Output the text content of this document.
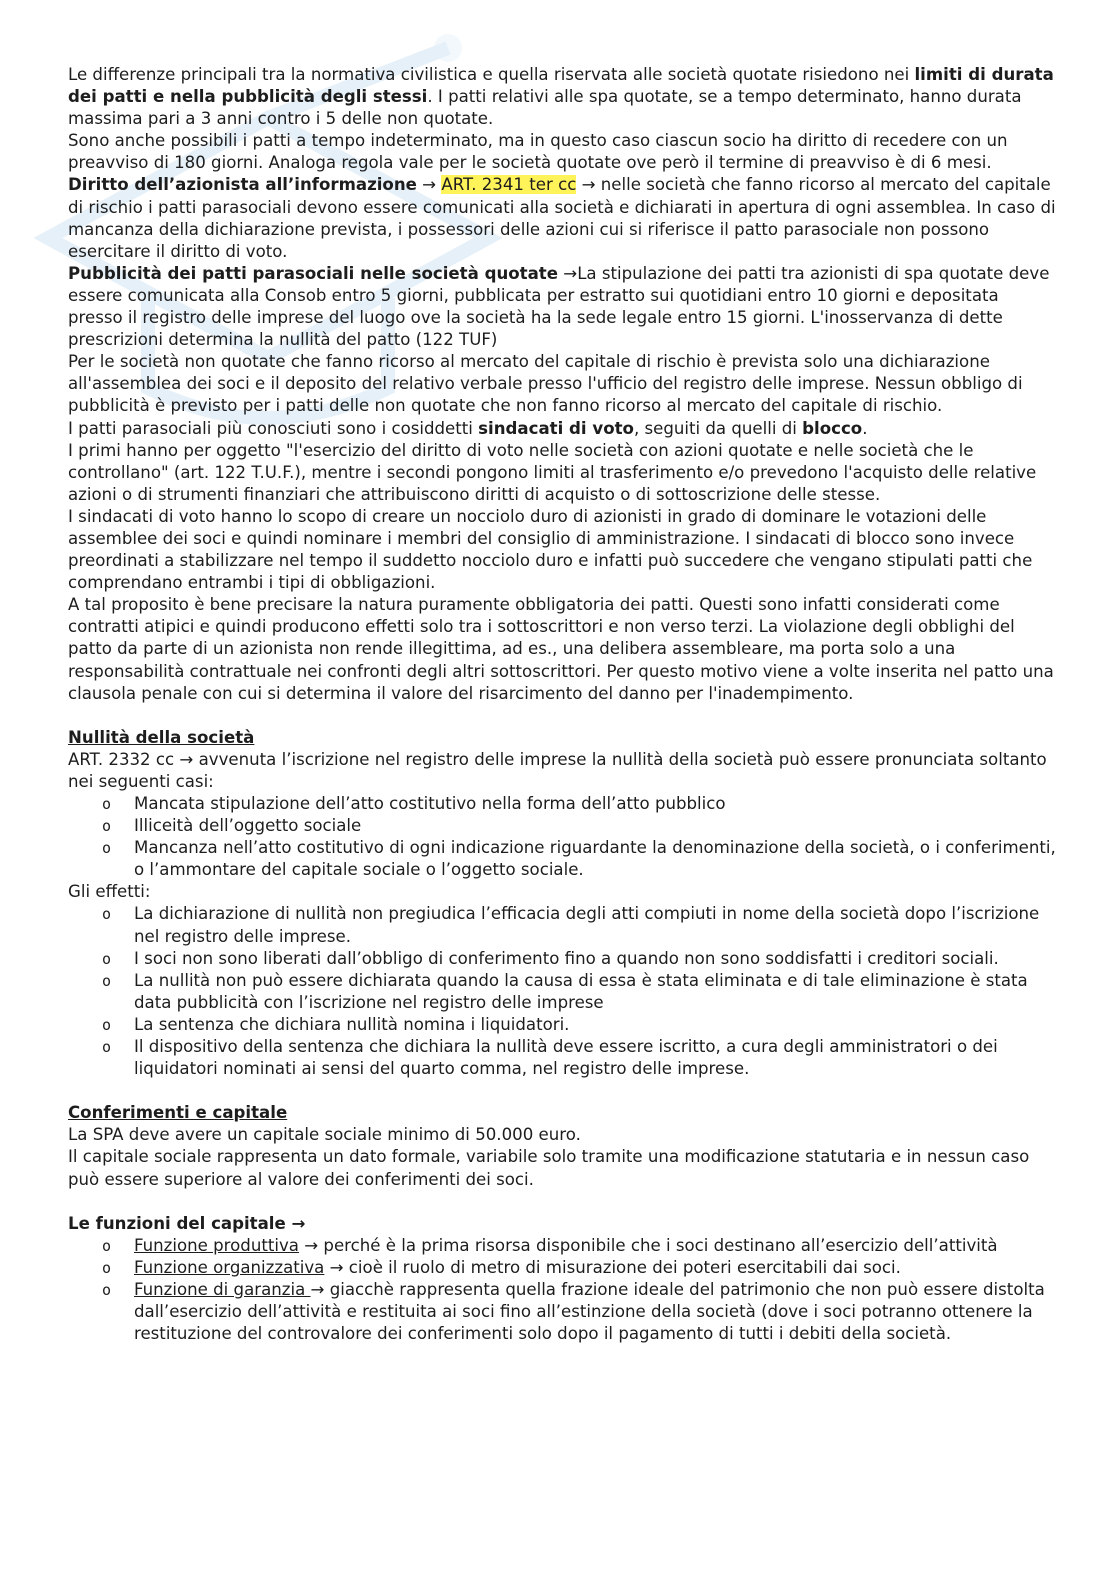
Le differenze principali tra la normativa civilistica e quella riservata alle società quotate risiedono nei limiti di durata dei patti e nella pubblicità degli stessi. I patti relativi alle spa quotate, se a tempo determinato, hanno durata massima pari a 3 anni contro i 5 delle non quotate.

Sono anche possibili i patti a tempo indeterminato, ma in questo caso ciascun socio ha diritto di recedere con un preavviso di 180 giorni. Analoga regola vale per le società quotate ove però il termine di preavviso è di 6 mesi.

Diritto dell’azionista all’informazione → ART. 2341 ter cc → nelle società che fanno ricorso al mercato del capitale di rischio i patti parasociali devono essere comunicati alla società e dichiarati in apertura di ogni assemblea. In caso di mancanza della dichiarazione prevista, i possessori delle azioni cui si riferisce il patto parasociale non possono esercitare il diritto di voto.

Pubblicità dei patti parasociali nelle società quotate →La stipulazione dei patti tra azionisti di spa quotate deve essere comunicata alla Consob entro 5 giorni, pubblicata per estratto sui quotidiani entro 10 giorni e depositata presso il registro delle imprese del luogo ove la società ha la sede legale entro 15 giorni. L'inosservanza di dette prescrizioni determina la nullità del patto (122 TUF)

Per le società non quotate che fanno ricorso al mercato del capitale di rischio è prevista solo una dichiarazione all'assemblea dei soci e il deposito del relativo verbale presso l'ufficio del registro delle imprese. Nessun obbligo di pubblicità è previsto per i patti delle non quotate che non fanno ricorso al mercato del capitale di rischio.

I patti parasociali più conosciuti sono i cosiddetti sindacati di voto, seguiti da quelli di blocco.

I primi hanno per oggetto "l'esercizio del diritto di voto nelle società con azioni quotate e nelle società che le controllano" (art. 122 T.U.F.), mentre i secondi pongono limiti al trasferimento e/o prevedono l'acquisto delle relative azioni o di strumenti finanziari che attribuiscono diritti di acquisto o di sottoscrizione delle stesse.

I sindacati di voto hanno lo scopo di creare un nocciolo duro di azionisti in grado di dominare le votazioni delle assemblee dei soci e quindi nominare i membri del consiglio di amministrazione. I sindacati di blocco sono invece preordinati a stabilizzare nel tempo il suddetto nocciolo duro e infatti può succedere che vengano stipulati patti che comprendano entrambi i tipi di obbligazioni.

A tal proposito è bene precisare la natura puramente obbligatoria dei patti. Questi sono infatti considerati come contratti atipici e quindi producono effetti solo tra i sottoscrittori e non verso terzi. La violazione degli obblighi del patto da parte di un azionista non rende illegittima, ad es., una delibera assembleare, ma porta solo a una responsabilità contrattuale nei confronti degli altri sottoscrittori. Per questo motivo viene a volte inserita nel patto una clausola penale con cui si determina il valore del risarcimento del danno per l'inadempimento.

Nullità della società

ART. 2332 cc → avvenuta l’iscrizione nel registro delle imprese la nullità della società può essere pronunciata soltanto nei seguenti casi:

o Mancata stipulazione dell’atto costitutivo nella forma dell’atto pubblico
o Illiceità dell’oggetto sociale
o Mancanza nell’atto costitutivo di ogni indicazione riguardante la denominazione della società, o i conferimenti, o l’ammontare del capitale sociale o l’oggetto sociale.

Gli effetti:

o La dichiarazione di nullità non pregiudica l’efficacia degli atti compiuti in nome della società dopo l’iscrizione nel registro delle imprese.
o I soci non sono liberati dall’obbligo di conferimento fino a quando non sono soddisfatti i creditori sociali.
o La nullità non può essere dichiarata quando la causa di essa è stata eliminata e di tale eliminazione è stata data pubblicità con l’iscrizione nel registro delle imprese
o La sentenza che dichiara nullità nomina i liquidatori.
o Il dispositivo della sentenza che dichiara la nullità deve essere iscritto, a cura degli amministratori o dei liquidatori nominati ai sensi del quarto comma, nel registro delle imprese.

Conferimenti e capitale

La SPA deve avere un capitale sociale minimo di 50.000 euro.

Il capitale sociale rappresenta un dato formale, variabile solo tramite una modificazione statutaria e in nessun caso può essere superiore al valore dei conferimenti dei soci.

Le funzioni del capitale →

o Funzione produttiva → perché è la prima risorsa disponibile che i soci destinano all’esercizio dell’attività
o Funzione organizzativa → cioè il ruolo di metro di misurazione dei poteri esercitabili dai soci.
o Funzione di garanzia → giacchè rappresenta quella frazione ideale del patrimonio che non può essere distolta dall’esercizio dell’attività e restituita ai soci fino all’estinzione della società (dove i soci potranno ottenere la restituzione del controvalore dei conferimenti solo dopo il pagamento di tutti i debiti della società.
